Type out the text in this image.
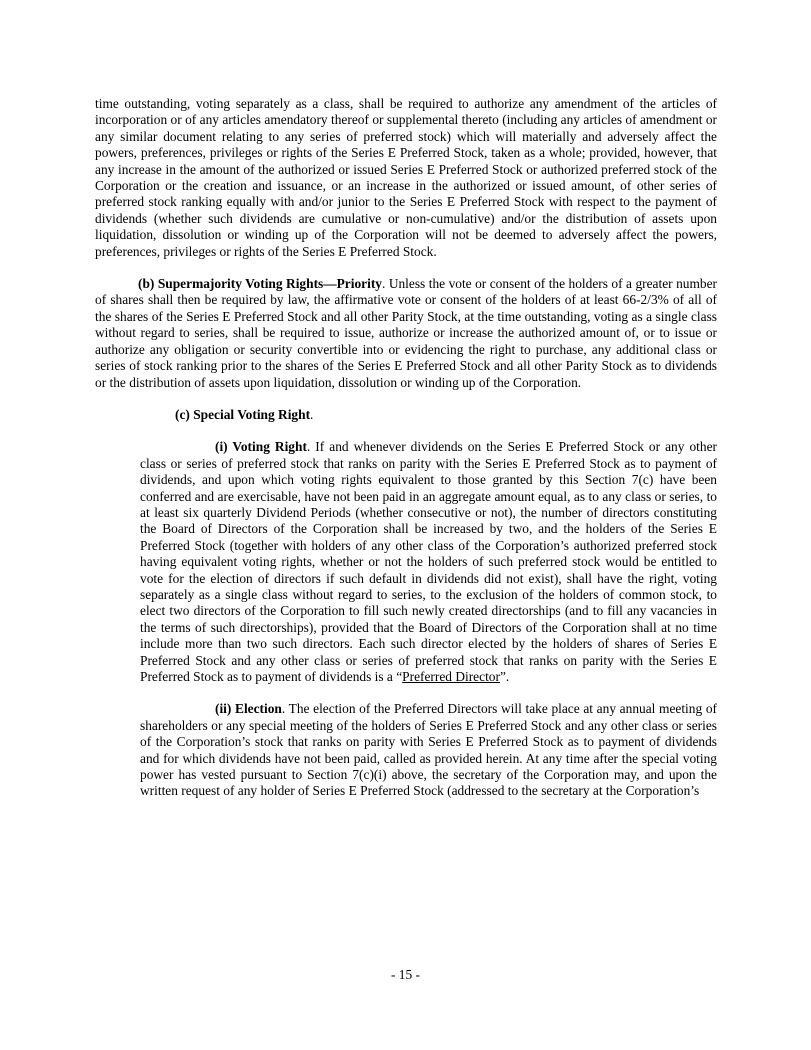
time outstanding, voting separately as a class, shall be required to authorize any amendment of the articles of incorporation or of any articles amendatory thereof or supplemental thereto (including any articles of amendment or any similar document relating to any series of preferred stock) which will materially and adversely affect the powers, preferences, privileges or rights of the Series E Preferred Stock, taken as a whole; provided, however, that any increase in the amount of the authorized or issued Series E Preferred Stock or authorized preferred stock of the Corporation or the creation and issuance, or an increase in the authorized or issued amount, of other series of preferred stock ranking equally with and/or junior to the Series E Preferred Stock with respect to the payment of dividends (whether such dividends are cumulative or non-cumulative) and/or the distribution of assets upon liquidation, dissolution or winding up of the Corporation will not be deemed to adversely affect the powers, preferences, privileges or rights of the Series E Preferred Stock.

(b) Supermajority Voting Rights—Priority. Unless the vote or consent of the holders of a greater number of shares shall then be required by law, the affirmative vote or consent of the holders of at least 66-2/3% of all of the shares of the Series E Preferred Stock and all other Parity Stock, at the time outstanding, voting as a single class without regard to series, shall be required to issue, authorize or increase the authorized amount of, or to issue or authorize any obligation or security convertible into or evidencing the right to purchase, any additional class or series of stock ranking prior to the shares of the Series E Preferred Stock and all other Parity Stock as to dividends or the distribution of assets upon liquidation, dissolution or winding up of the Corporation.

(c) Special Voting Right.

(i) Voting Right. If and whenever dividends on the Series E Preferred Stock or any other class or series of preferred stock that ranks on parity with the Series E Preferred Stock as to payment of dividends, and upon which voting rights equivalent to those granted by this Section 7(c) have been conferred and are exercisable, have not been paid in an aggregate amount equal, as to any class or series, to at least six quarterly Dividend Periods (whether consecutive or not), the number of directors constituting the Board of Directors of the Corporation shall be increased by two, and the holders of the Series E Preferred Stock (together with holders of any other class of the Corporation’s authorized preferred stock having equivalent voting rights, whether or not the holders of such preferred stock would be entitled to vote for the election of directors if such default in dividends did not exist), shall have the right, voting separately as a single class without regard to series, to the exclusion of the holders of common stock, to elect two directors of the Corporation to fill such newly created directorships (and to fill any vacancies in the terms of such directorships), provided that the Board of Directors of the Corporation shall at no time include more than two such directors. Each such director elected by the holders of shares of Series E Preferred Stock and any other class or series of preferred stock that ranks on parity with the Series E Preferred Stock as to payment of dividends is a “Preferred Director”.

(ii) Election. The election of the Preferred Directors will take place at any annual meeting of shareholders or any special meeting of the holders of Series E Preferred Stock and any other class or series of the Corporation’s stock that ranks on parity with Series E Preferred Stock as to payment of dividends and for which dividends have not been paid, called as provided herein. At any time after the special voting power has vested pursuant to Section 7(c)(i) above, the secretary of the Corporation may, and upon the written request of any holder of Series E Preferred Stock (addressed to the secretary at the Corporation’s

- 15 -
